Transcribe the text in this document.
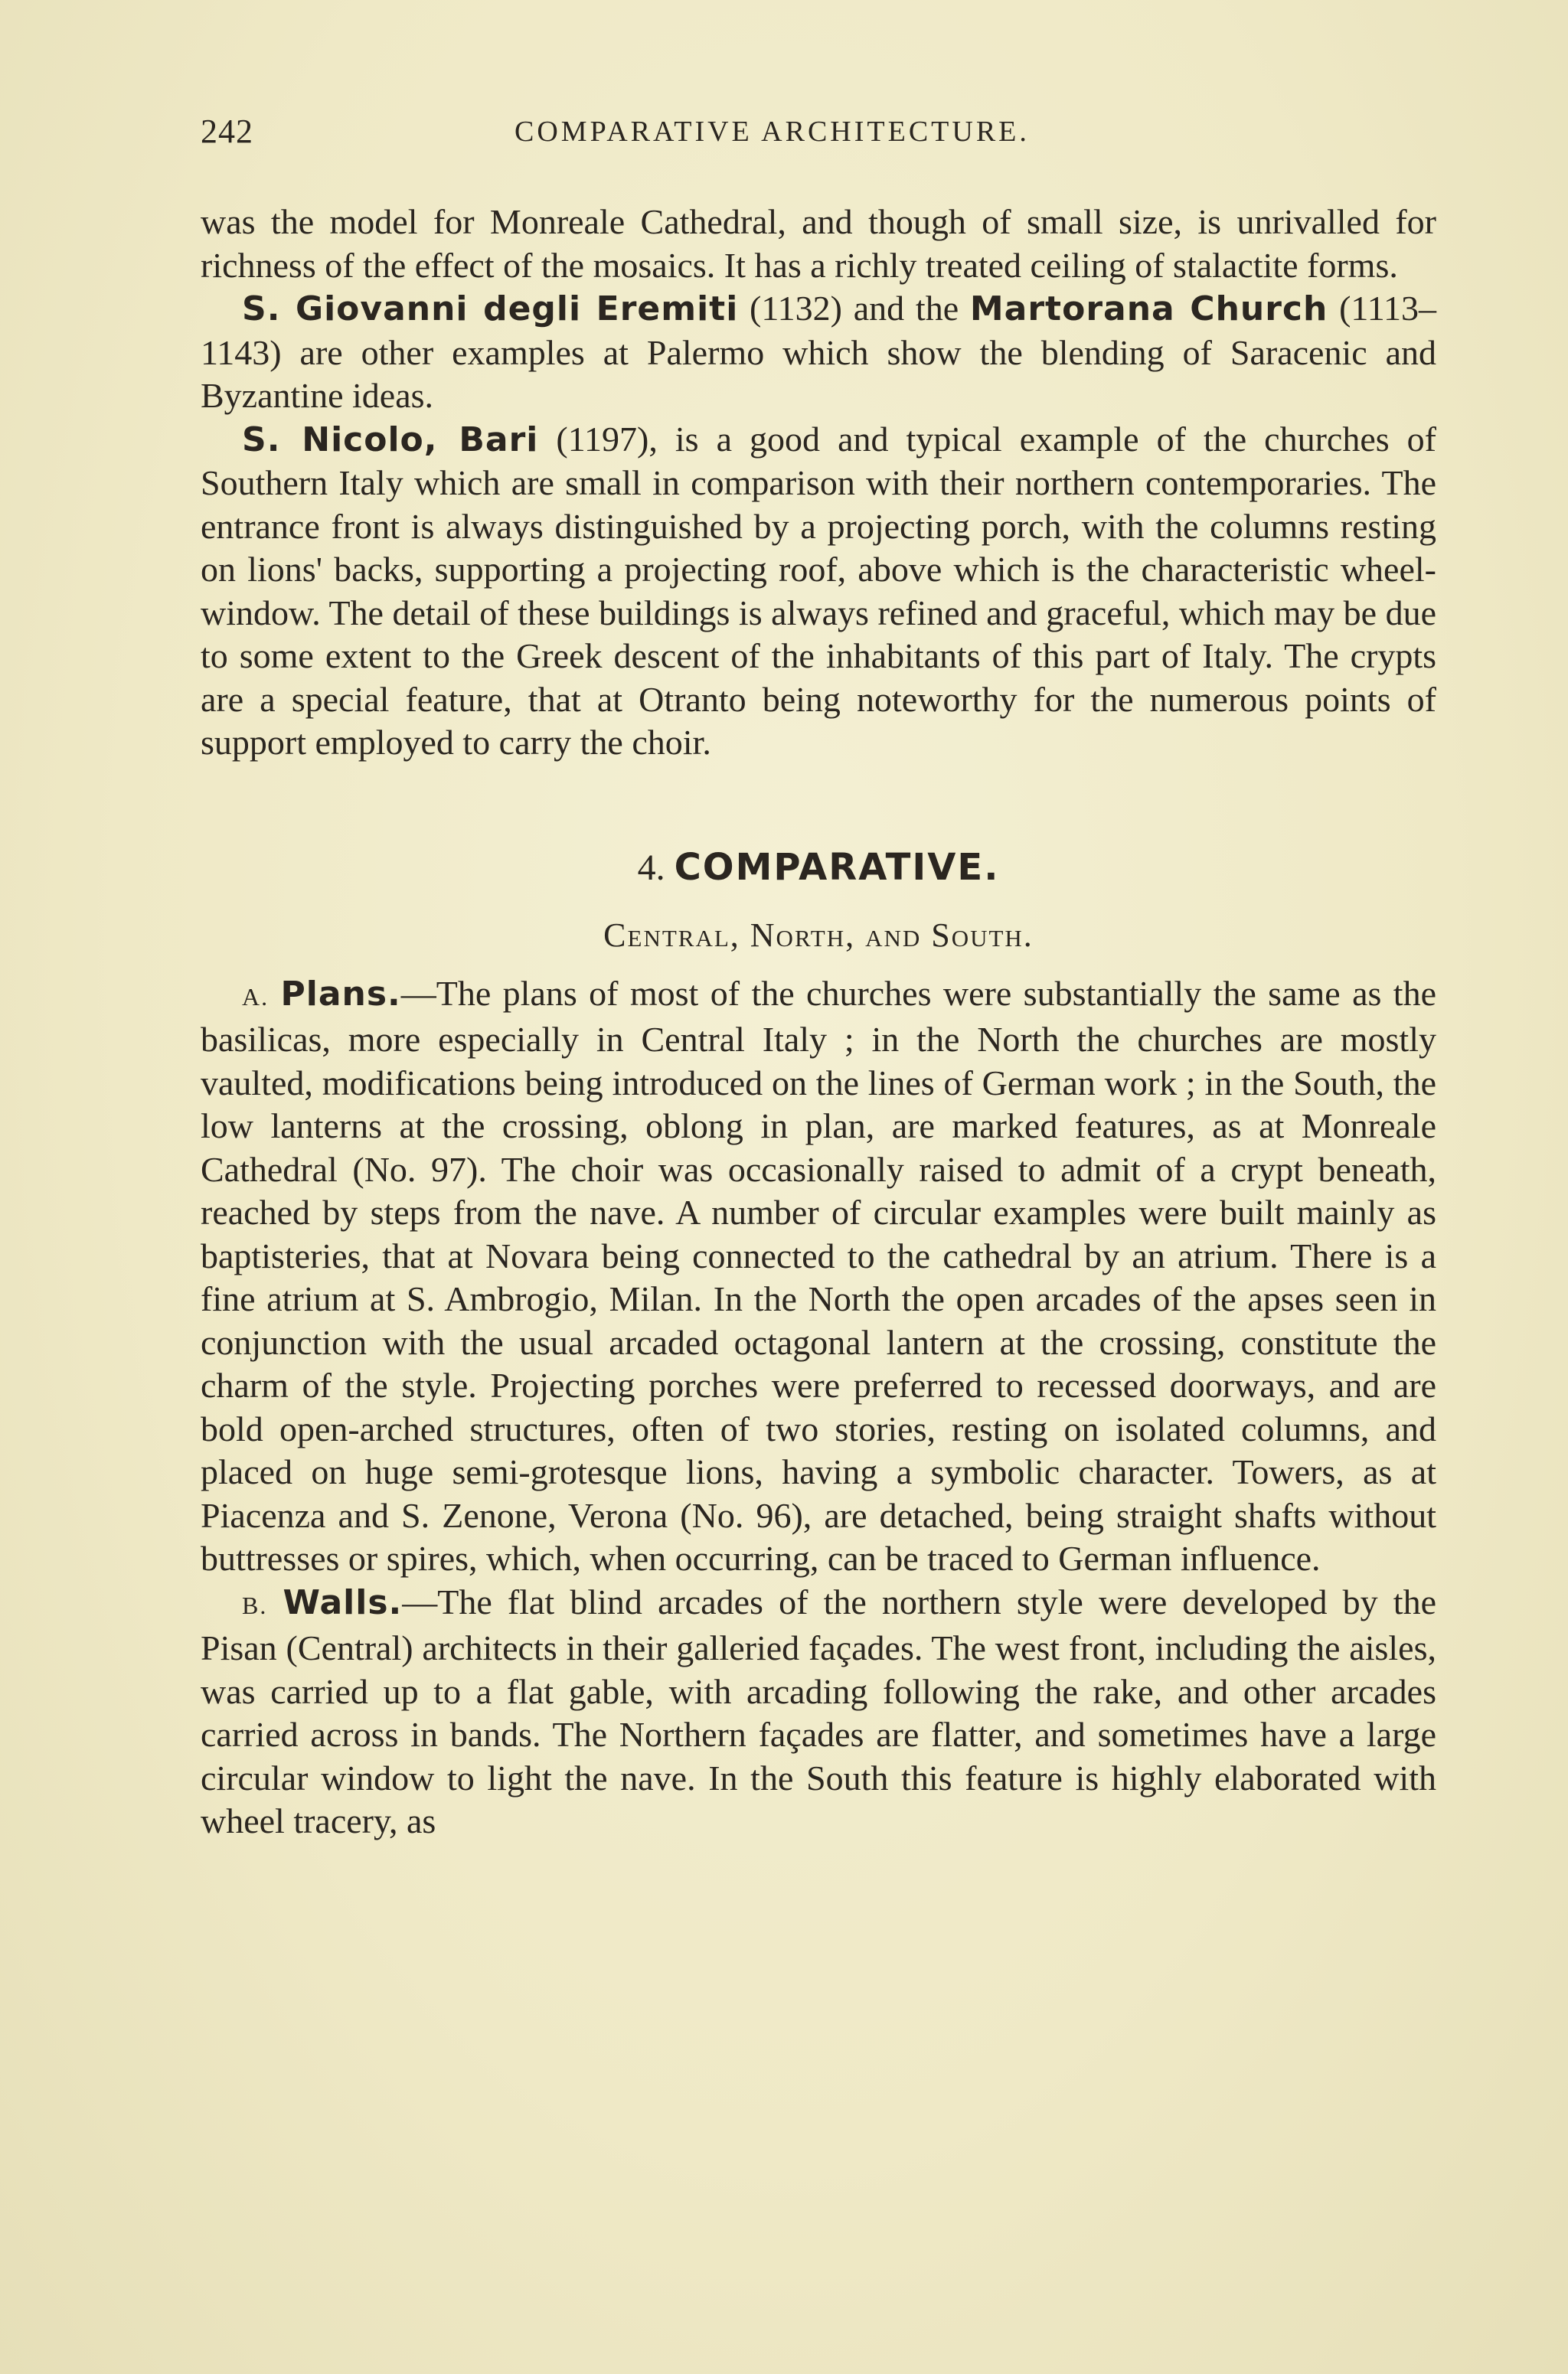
242	COMPARATIVE ARCHITECTURE.

was the model for Monreale Cathedral, and though of small size, is unrivalled for richness of the effect of the mosaics. It has a richly treated ceiling of stalactite forms.

S. Giovanni degli Eremiti (1132) and the Martorana Church (1113–1143) are other examples at Palermo which show the blending of Saracenic and Byzantine ideas.

S. Nicolo, Bari (1197), is a good and typical example of the churches of Southern Italy which are small in comparison with their northern contemporaries. The entrance front is always distinguished by a projecting porch, with the columns resting on lions' backs, supporting a projecting roof, above which is the characteristic wheel-window. The detail of these buildings is always refined and graceful, which may be due to some extent to the Greek descent of the inhabitants of this part of Italy. The crypts are a special feature, that at Otranto being noteworthy for the numerous points of support employed to carry the choir.

4. COMPARATIVE.
Central, North, and South.

A. Plans.—The plans of most of the churches were substantially the same as the basilicas, more especially in Central Italy ; in the North the churches are mostly vaulted, modifications being introduced on the lines of German work ; in the South, the low lanterns at the crossing, oblong in plan, are marked features, as at Monreale Cathedral (No. 97). The choir was occasionally raised to admit of a crypt beneath, reached by steps from the nave. A number of circular examples were built mainly as baptisteries, that at Novara being connected to the cathedral by an atrium. There is a fine atrium at S. Ambrogio, Milan. In the North the open arcades of the apses seen in conjunction with the usual arcaded octagonal lantern at the crossing, constitute the charm of the style. Projecting porches were preferred to recessed doorways, and are bold open-arched structures, often of two stories, resting on isolated columns, and placed on huge semi-grotesque lions, having a symbolic character. Towers, as at Piacenza and S. Zenone, Verona (No. 96), are detached, being straight shafts without buttresses or spires, which, when occurring, can be traced to German influence.

B. Walls.—The flat blind arcades of the northern style were developed by the Pisan (Central) architects in their galleried façades. The west front, including the aisles, was carried up to a flat gable, with arcading following the rake, and other arcades carried across in bands. The Northern façades are flatter, and sometimes have a large circular window to light the nave. In the South this feature is highly elaborated with wheel tracery, as
